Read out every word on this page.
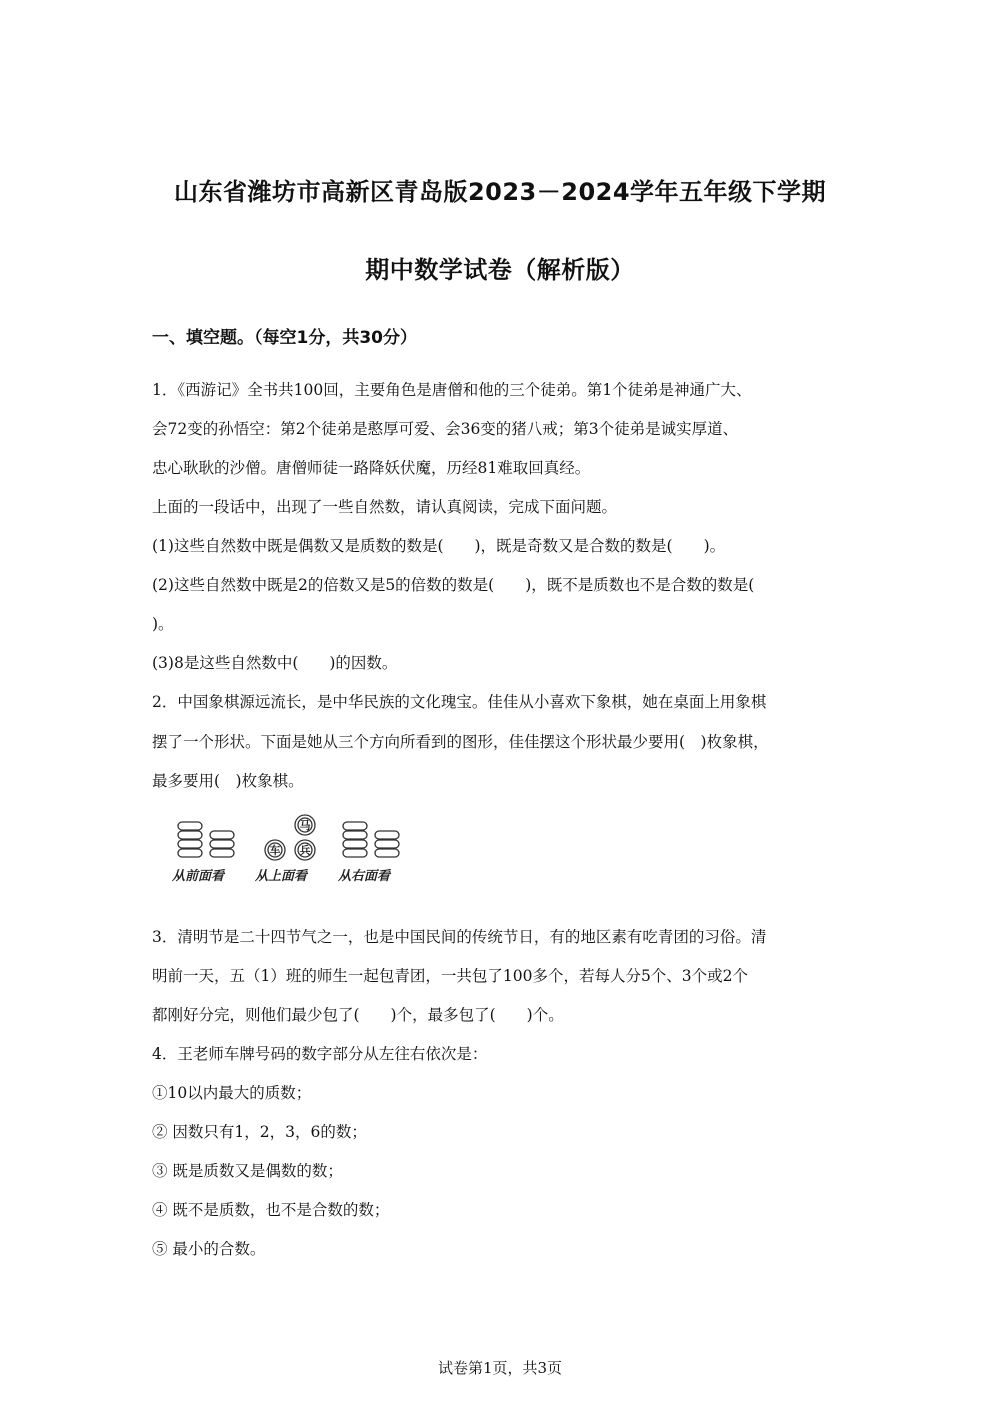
山东省潍坊市高新区青岛版2023－2024学年五年级下学期
期中数学试卷（解析版）
一、填空题。（每空1分，共30分）
1．《西游记》全书共100回，主要角色是唐僧和他的三个徒弟。第1个徒弟是神通广大、
会72变的孙悟空：第2个徒弟是憨厚可爱、会36变的猪八戒；第3个徒弟是诚实厚道、
忠心耿耿的沙僧。唐僧师徒一路降妖伏魔，历经81难取回真经。
上面的一段话中，出现了一些自然数，请认真阅读，完成下面问题。
(1)这些自然数中既是偶数又是质数的数是(　　)，既是奇数又是合数的数是(　　)。
(2)这些自然数中既是2的倍数又是5的倍数的数是(　　)，既不是质数也不是合数的数是(
)。
(3)8是这些自然数中(　　)的因数。
2．中国象棋源远流长，是中华民族的文化瑰宝。佳佳从小喜欢下象棋，她在桌面上用象棋
摆了一个形状。下面是她从三个方向所看到的图形，佳佳摆这个形状最少要用(　)枚象棋，
最多要用(　)枚象棋。
马
车 兵
从前面看 从上面看 从右面看
3．清明节是二十四节气之一，也是中国民间的传统节日，有的地区素有吃青团的习俗。清
明前一天，五（1）班的师生一起包青团，一共包了100多个，若每人分5个、3个或2个
都刚好分完，则他们最少包了(　　)个，最多包了(　　)个。
4．王老师车牌号码的数字部分从左往右依次是：
①10以内最大的质数；
② 因数只有1，2，3，6的数；
③ 既是质数又是偶数的数；
④ 既不是质数，也不是合数的数；
⑤ 最小的合数。
试卷第1页，共3页
